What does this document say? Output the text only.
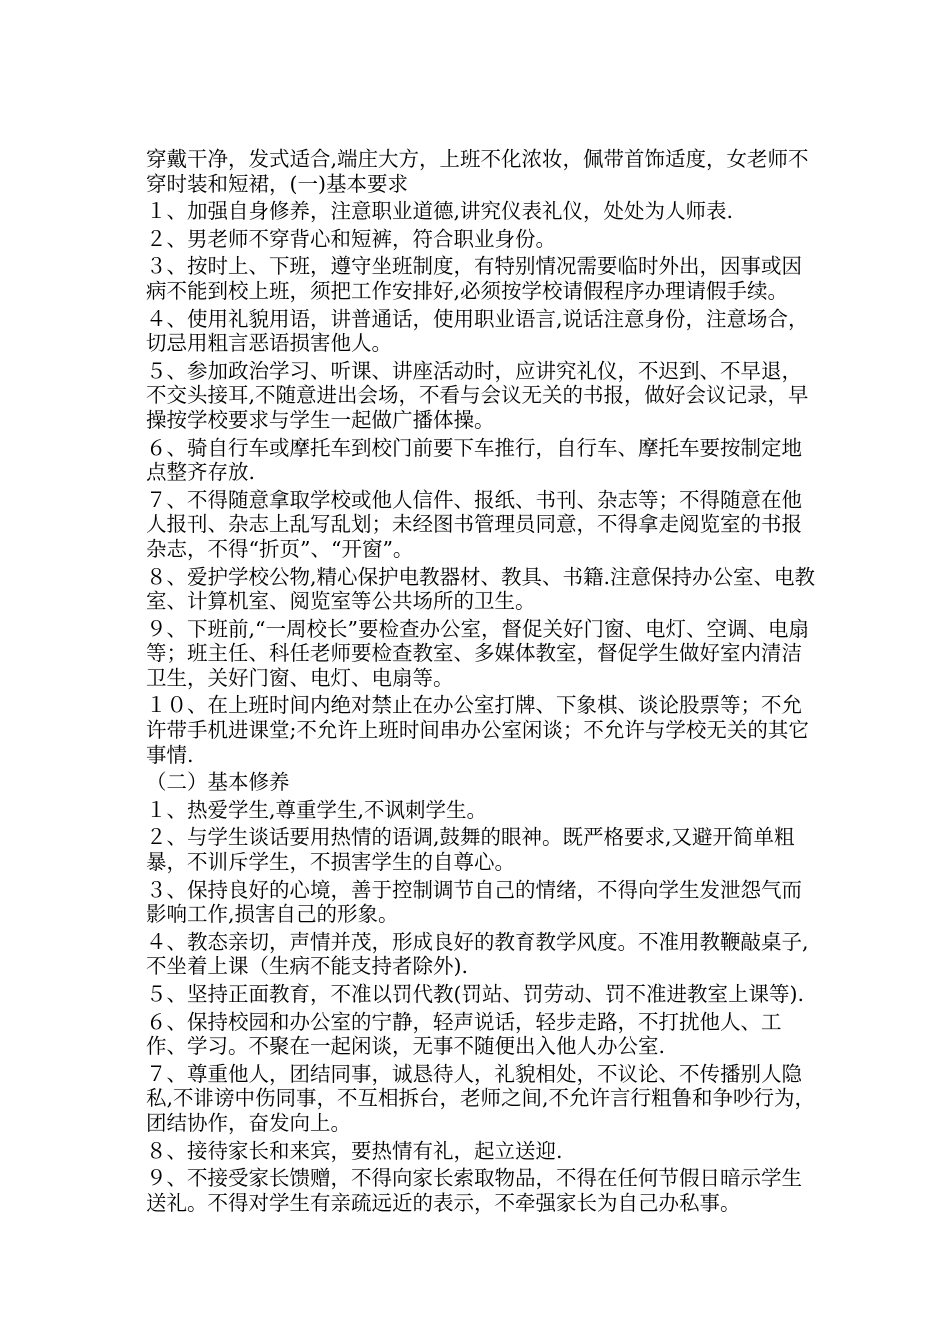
穿戴干净，发式适合,端庄大方，上班不化浓妆，佩带首饰适度，女老师不穿时装和短裙，(一)基本要求

１、加强自身修养，注意职业道德,讲究仪表礼仪，处处为人师表.

２、男老师不穿背心和短裤，符合职业身份。

３、按时上、下班，遵守坐班制度，有特别情况需要临时外出，因事或因病不能到校上班，须把工作安排好,必须按学校请假程序办理请假手续。

４、使用礼貌用语，讲普通话，使用职业语言,说话注意身份，注意场合，切忌用粗言恶语损害他人。

５、参加政治学习、听课、讲座活动时，应讲究礼仪，不迟到、不早退，不交头接耳,不随意进出会场，不看与会议无关的书报，做好会议记录，早操按学校要求与学生一起做广播体操。

６、骑自行车或摩托车到校门前要下车推行，自行车、摩托车要按制定地点整齐存放.

７、不得随意拿取学校或他人信件、报纸、书刊、杂志等；不得随意在他人报刊、杂志上乱写乱划；未经图书管理员同意，不得拿走阅览室的书报杂志，不得“折页”、“开窗”。

８、爱护学校公物,精心保护电教器材、教具、书籍.注意保持办公室、电教室、计算机室、阅览室等公共场所的卫生。

９、下班前,“一周校长”要检查办公室，督促关好门窗、电灯、空调、电扇等；班主任、科任老师要检查教室、多媒体教室，督促学生做好室内清洁卫生，关好门窗、电灯、电扇等。

１０、在上班时间内绝对禁止在办公室打牌、下象棋、谈论股票等；不允许带手机进课堂;不允许上班时间串办公室闲谈；不允许与学校无关的其它事情.

（二）基本修养

１、热爱学生,尊重学生,不讽刺学生。

２、与学生谈话要用热情的语调,鼓舞的眼神。既严格要求,又避开简单粗暴，不训斥学生，不损害学生的自尊心。

３、保持良好的心境，善于控制调节自己的情绪，不得向学生发泄怨气而影响工作,损害自己的形象。

４、教态亲切，声情并茂，形成良好的教育教学风度。不准用教鞭敲桌子,不坐着上课（生病不能支持者除外).

５、坚持正面教育，不准以罚代教(罚站、罚劳动、罚不准进教室上课等).

６、保持校园和办公室的宁静，轻声说话，轻步走路，不打扰他人、工作、学习。不聚在一起闲谈，无事不随便出入他人办公室.

７、尊重他人，团结同事，诚恳待人，礼貌相处，不议论、不传播别人隐私,不诽谤中伤同事，不互相拆台，老师之间,不允许言行粗鲁和争吵行为，团结协作，奋发向上。

８、接待家长和来宾，要热情有礼，起立送迎.

９、不接受家长馈赠，不得向家长索取物品，不得在任何节假日暗示学生送礼。不得对学生有亲疏远近的表示，不牵强家长为自己办私事。
